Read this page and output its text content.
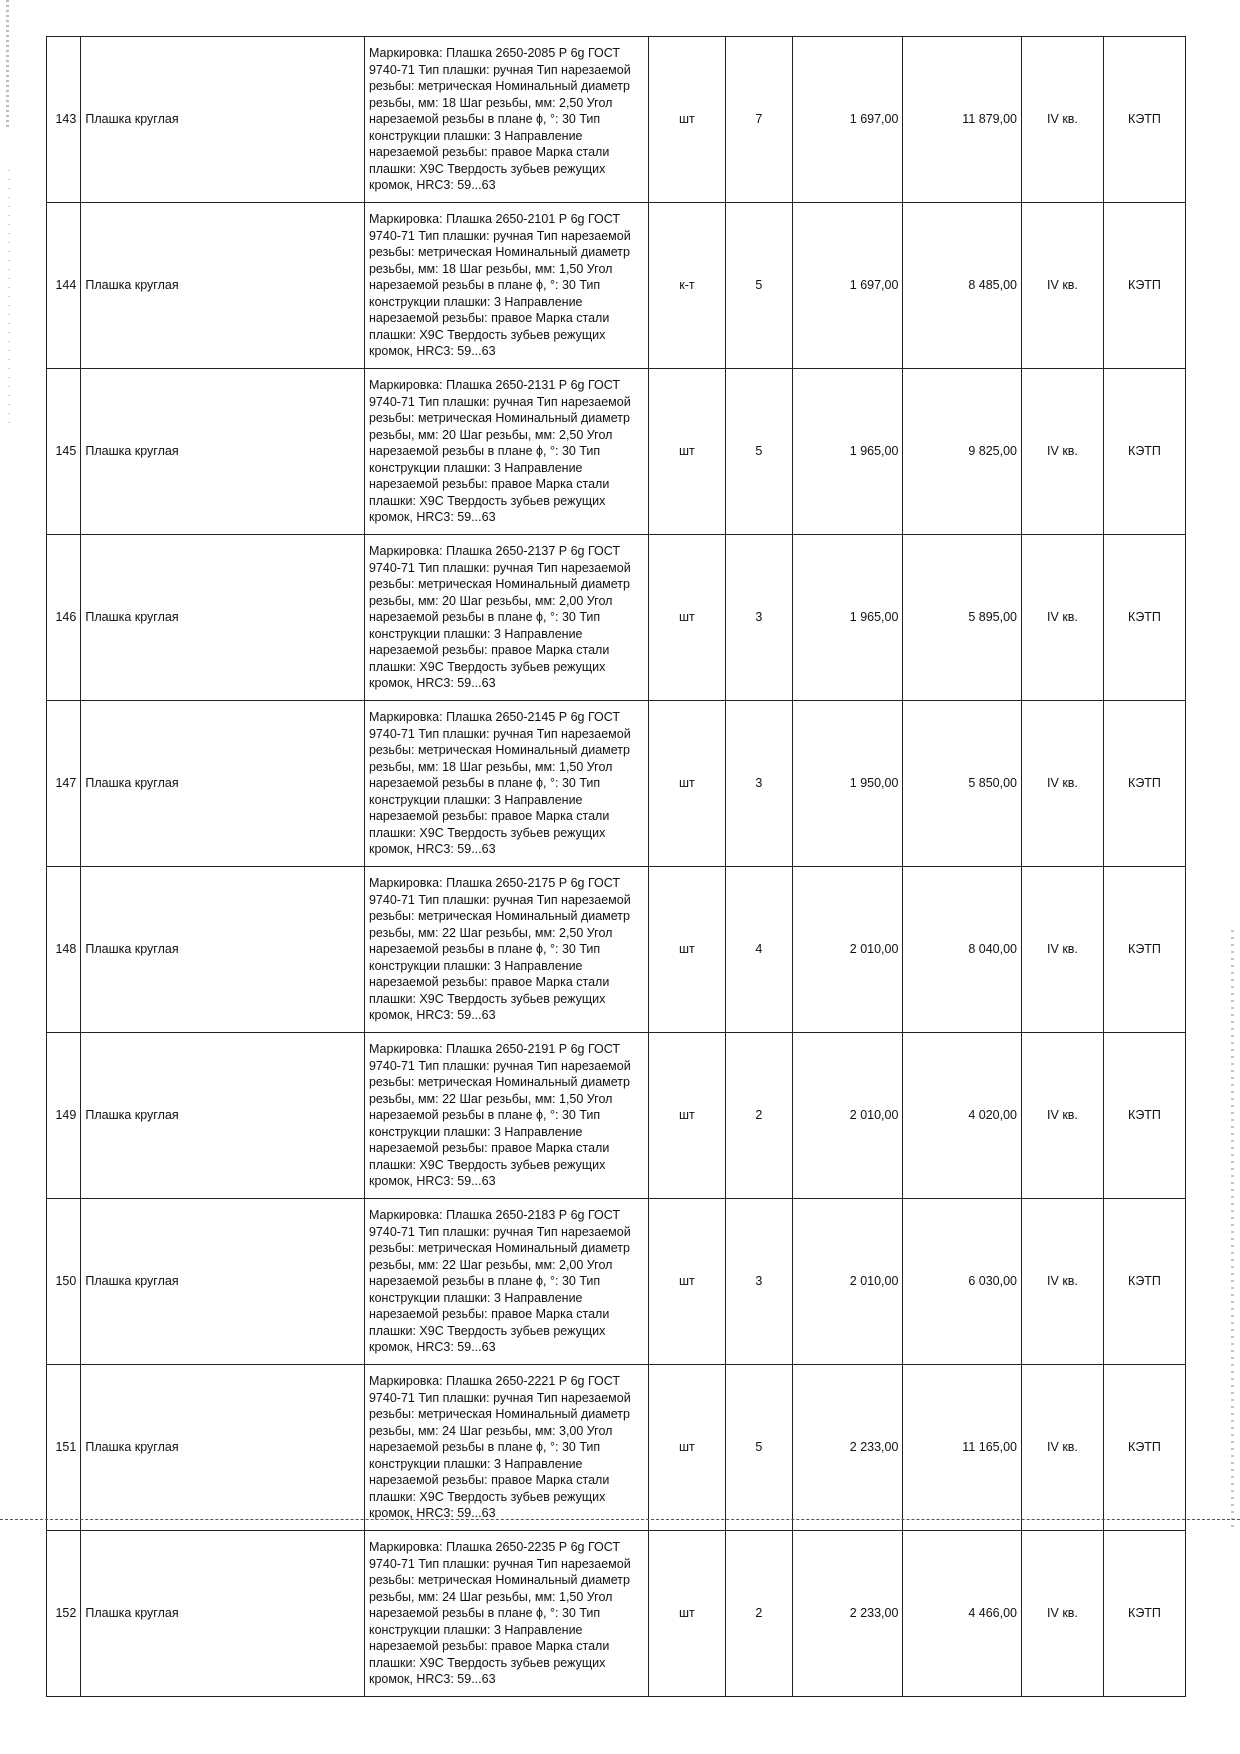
143	Плашка круглая	Маркировка: Плашка 2650-2085 Р 6g ГОСТ 9740-71 Тип плашки: ручная Тип нарезаемой резьбы: метрическая Номинальный диаметр резьбы, мм: 18 Шаг резьбы, мм: 2,50 Угол нарезаемой резьбы в плане ϕ, °: 30 Тип конструкции плашки: 3 Направление нарезаемой резьбы: правое Марка стали плашки: Х9С Твердость зубьев режущих кромок, HRC3: 59...63	шт	7	1 697,00	11 879,00	IV кв.	КЭТП
144	Плашка круглая	Маркировка: Плашка 2650-2101 Р 6g ГОСТ 9740-71 Тип плашки: ручная Тип нарезаемой резьбы: метрическая Номинальный диаметр резьбы, мм: 18 Шаг резьбы, мм: 1,50 Угол нарезаемой резьбы в плане ϕ, °: 30 Тип конструкции плашки: 3 Направление нарезаемой резьбы: правое Марка стали плашки: Х9С Твердость зубьев режущих кромок, HRC3: 59...63	к-т	5	1 697,00	8 485,00	IV кв.	КЭТП
145	Плашка круглая	Маркировка: Плашка 2650-2131 Р 6g ГОСТ 9740-71 Тип плашки: ручная Тип нарезаемой резьбы: метрическая Номинальный диаметр резьбы, мм: 20 Шаг резьбы, мм: 2,50 Угол нарезаемой резьбы в плане ϕ, °: 30 Тип конструкции плашки: 3 Направление нарезаемой резьбы: правое Марка стали плашки: Х9С Твердость зубьев режущих кромок, HRC3: 59...63	шт	5	1 965,00	9 825,00	IV кв.	КЭТП
146	Плашка круглая	Маркировка: Плашка 2650-2137 Р 6g ГОСТ 9740-71 Тип плашки: ручная Тип нарезаемой резьбы: метрическая Номинальный диаметр резьбы, мм: 20 Шаг резьбы, мм: 2,00 Угол нарезаемой резьбы в плане ϕ, °: 30 Тип конструкции плашки: 3 Направление нарезаемой резьбы: правое Марка стали плашки: Х9С Твердость зубьев режущих кромок, HRC3: 59...63	шт	3	1 965,00	5 895,00	IV кв.	КЭТП
147	Плашка круглая	Маркировка: Плашка 2650-2145 Р 6g ГОСТ 9740-71 Тип плашки: ручная Тип нарезаемой резьбы: метрическая Номинальный диаметр резьбы, мм: 18 Шаг резьбы, мм: 1,50 Угол нарезаемой резьбы в плане ϕ, °: 30 Тип конструкции плашки: 3 Направление нарезаемой резьбы: правое Марка стали плашки: Х9С Твердость зубьев режущих кромок, HRC3: 59...63	шт	3	1 950,00	5 850,00	IV кв.	КЭТП
148	Плашка круглая	Маркировка: Плашка 2650-2175 Р 6g ГОСТ 9740-71 Тип плашки: ручная Тип нарезаемой резьбы: метрическая Номинальный диаметр резьбы, мм: 22 Шаг резьбы, мм: 2,50 Угол нарезаемой резьбы в плане ϕ, °: 30 Тип конструкции плашки: 3 Направление нарезаемой резьбы: правое Марка стали плашки: Х9С Твердость зубьев режущих кромок, HRC3: 59...63	шт	4	2 010,00	8 040,00	IV кв.	КЭТП
149	Плашка круглая	Маркировка: Плашка 2650-2191 Р 6g ГОСТ 9740-71 Тип плашки: ручная Тип нарезаемой резьбы: метрическая Номинальный диаметр резьбы, мм: 22 Шаг резьбы, мм: 1,50 Угол нарезаемой резьбы в плане ϕ, °: 30 Тип конструкции плашки: 3 Направление нарезаемой резьбы: правое Марка стали плашки: Х9С Твердость зубьев режущих кромок, HRC3: 59...63	шт	2	2 010,00	4 020,00	IV кв.	КЭТП
150	Плашка круглая	Маркировка: Плашка 2650-2183 Р 6g ГОСТ 9740-71 Тип плашки: ручная Тип нарезаемой резьбы: метрическая Номинальный диаметр резьбы, мм: 22 Шаг резьбы, мм: 2,00 Угол нарезаемой резьбы в плане ϕ, °: 30 Тип конструкции плашки: 3 Направление нарезаемой резьбы: правое Марка стали плашки: Х9С Твердость зубьев режущих кромок, HRC3: 59...63	шт	3	2 010,00	6 030,00	IV кв.	КЭТП
151	Плашка круглая	Маркировка: Плашка 2650-2221 Р 6g ГОСТ 9740-71 Тип плашки: ручная Тип нарезаемой резьбы: метрическая Номинальный диаметр резьбы, мм: 24 Шаг резьбы, мм: 3,00 Угол нарезаемой резьбы в плане ϕ, °: 30 Тип конструкции плашки: 3 Направление нарезаемой резьбы: правое Марка стали плашки: Х9С Твердость зубьев режущих кромок, HRC3: 59...63	шт	5	2 233,00	11 165,00	IV кв.	КЭТП
152	Плашка круглая	Маркировка: Плашка 2650-2235 Р 6g ГОСТ 9740-71 Тип плашки: ручная Тип нарезаемой резьбы: метрическая Номинальный диаметр резьбы, мм: 24 Шаг резьбы, мм: 1,50 Угол нарезаемой резьбы в плане ϕ, °: 30 Тип конструкции плашки: 3 Направление нарезаемой резьбы: правое Марка стали плашки: Х9С Твердость зубьев режущих кромок, HRC3: 59...63	шт	2	2 233,00	4 466,00	IV кв.	КЭТП
